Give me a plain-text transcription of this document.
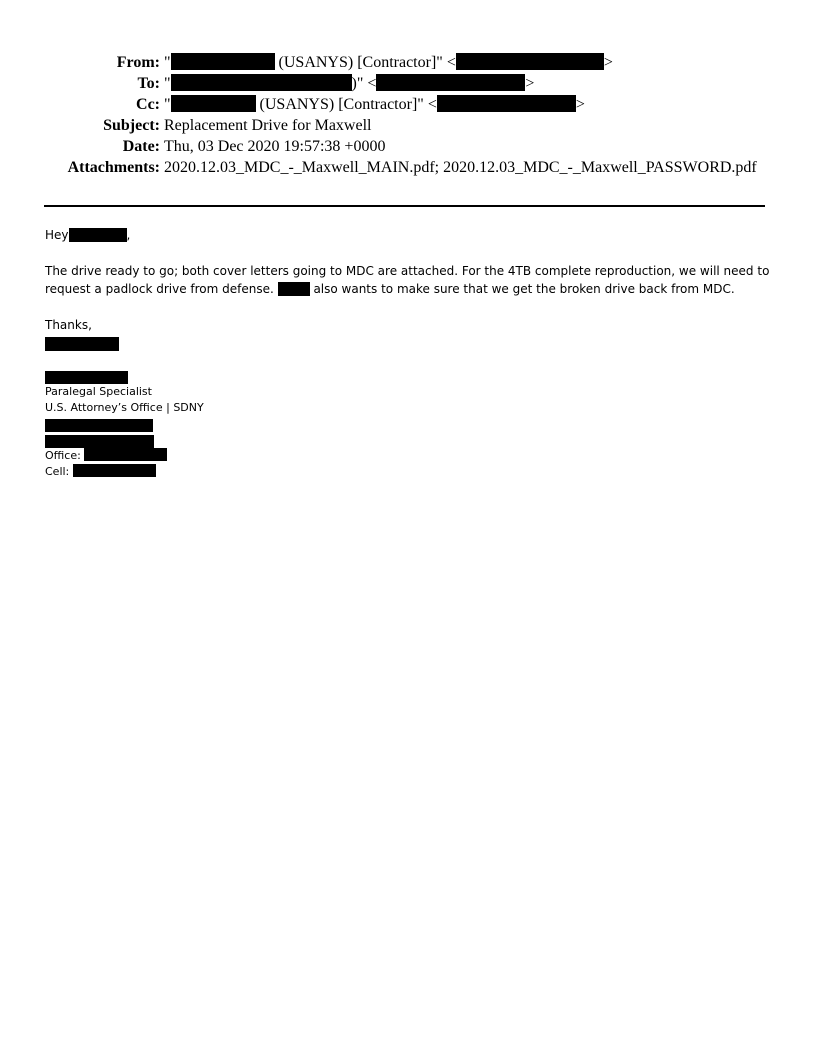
From: "	(USANYS) [Contractor]" <	>
To: "	)" <	>
Cc: "	(USANYS) [Contractor]" <	>
Subject: Replacement Drive for Maxwell
Date: Thu, 03 Dec 2020 19:57:38 +0000
Attachments: 2020.12.03_MDC_-_Maxwell_MAIN.pdf; 2020.12.03_MDC_-_Maxwell_PASSWORD.pdf

Hey	,

The drive ready to go; both cover letters going to MDC are attached. For the 4TB complete reproduction, we will need to request a padlock drive from defense.	also wants to make sure that we get the broken drive back from MDC.

Thanks,

Paralegal Specialist
U.S. Attorney’s Office | SDNY
Office:
Cell:
